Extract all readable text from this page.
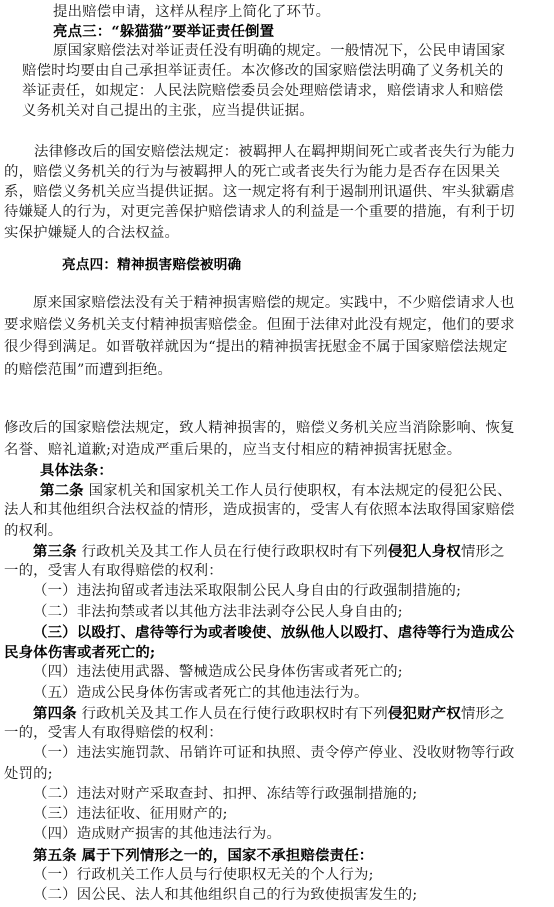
提出赔偿申请，这样从程序上简化了环节。
亮点三：“躲猫猫”要举证责任倒置
原国家赔偿法对举证责任没有明确的规定。一般情况下，公民申请国家
赔偿时均要由自己承担举证责任。本次修改的国家赔偿法明确了义务机关的
举证责任，如规定：人民法院赔偿委员会处理赔偿请求，赔偿请求人和赔偿
义务机关对自己提出的主张，应当提供证据。
法律修改后的国安赔偿法规定：被羁押人在羁押期间死亡或者丧失行为能力
的，赔偿义务机关的行为与被羁押人的死亡或者丧失行为能力是否存在因果关
系，赔偿义务机关应当提供证据。这一规定将有利于遏制刑讯逼供、牢头狱霸虐
待嫌疑人的行为，对更完善保护赔偿请求人的利益是一个重要的措施，有利于切
实保护嫌疑人的合法权益。
亮点四：精神损害赔偿被明确
原来国家赔偿法没有关于精神损害赔偿的规定。实践中，不少赔偿请求人也
要求赔偿义务机关支付精神损害赔偿金。但囿于法律对此没有规定，他们的要求
很少得到满足。如晋敬祥就因为“提出的精神损害抚慰金不属于国家赔偿法规定
的赔偿范围”而遭到拒绝。
修改后的国家赔偿法规定，致人精神损害的，赔偿义务机关应当消除影响、恢复
名誉、赔礼道歉;对造成严重后果的，应当支付相应的精神损害抚慰金。
具体法条：
第二条 国家机关和国家机关工作人员行使职权，有本法规定的侵犯公民、
法人和其他组织合法权益的情形，造成损害的，受害人有依照本法取得国家赔偿
的权利。
第三条 行政机关及其工作人员在行使行政职权时有下列侵犯人身权情形之
一的，受害人有取得赔偿的权利：
（一）违法拘留或者违法采取限制公民人身自由的行政强制措施的;
（二）非法拘禁或者以其他方法非法剥夺公民人身自由的;
（三）以殴打、虐待等行为或者唆使、放纵他人以殴打、虐待等行为造成公
民身体伤害或者死亡的;
（四）违法使用武器、警械造成公民身体伤害或者死亡的;
（五）造成公民身体伤害或者死亡的其他违法行为。
第四条 行政机关及其工作人员在行使行政职权时有下列侵犯财产权情形之
一的，受害人有取得赔偿的权利：
（一）违法实施罚款、吊销许可证和执照、责令停产停业、没收财物等行政
处罚的;
（二）违法对财产采取查封、扣押、冻结等行政强制措施的;
（三）违法征收、征用财产的;
（四）造成财产损害的其他违法行为。
第五条 属于下列情形之一的，国家不承担赔偿责任：
（一）行政机关工作人员与行使职权无关的个人行为;
（二）因公民、法人和其他组织自己的行为致使损害发生的;
